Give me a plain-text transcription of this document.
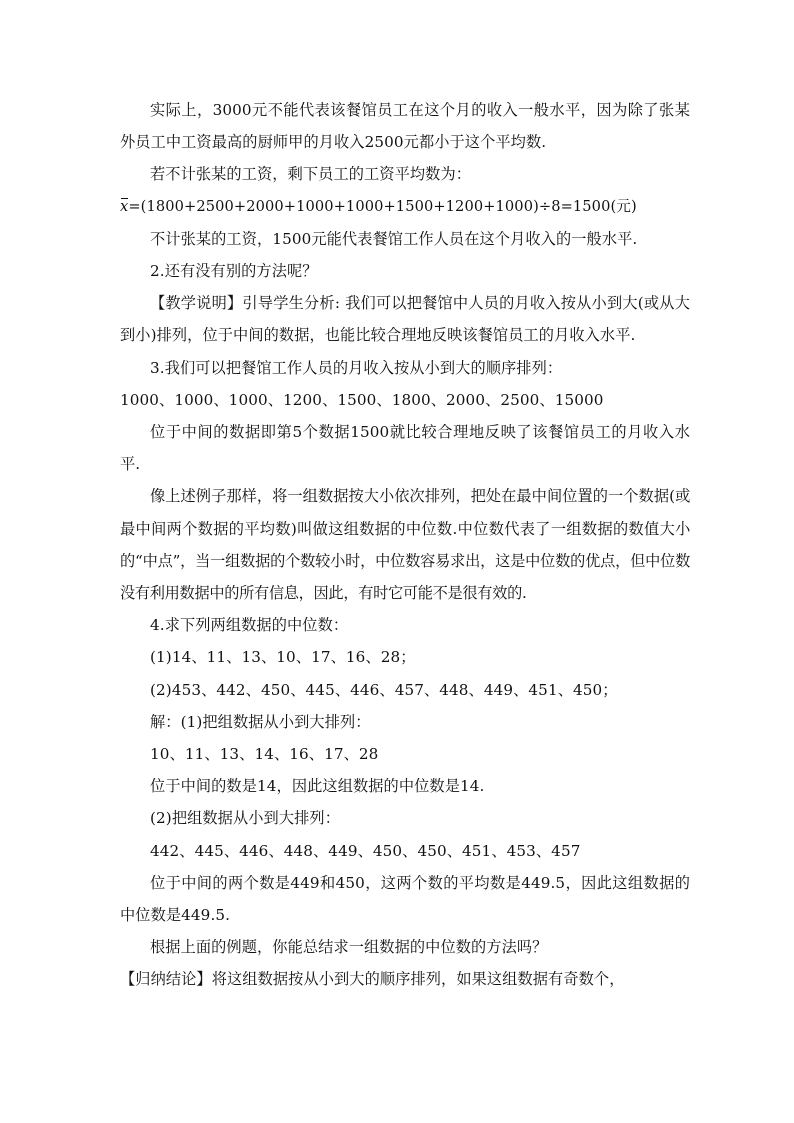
实际上，3000元不能代表该餐馆员工在这个月的收入一般水平，因为除了张某外员工中工资最高的厨师甲的月收入2500元都小于这个平均数.

若不计张某的工资，剩下员工的工资平均数为：

x=(1800+2500+2000+1000+1000+1500+1200+1000)÷8=1500(元)

不计张某的工资，1500元能代表餐馆工作人员在这个月收入的一般水平.

2.还有没有别的方法呢？

【教学说明】引导学生分析: 我们可以把餐馆中人员的月收入按从小到大(或从大到小)排列，位于中间的数据，也能比较合理地反映该餐馆员工的月收入水平.

3.我们可以把餐馆工作人员的月收入按从小到大的顺序排列：

1000、1000、1000、1200、1500、1800、2000、2500、15000

位于中间的数据即第5个数据1500就比较合理地反映了该餐馆员工的月收入水平.

像上述例子那样，将一组数据按大小依次排列，把处在最中间位置的一个数据(或最中间两个数据的平均数)叫做这组数据的中位数.中位数代表了一组数据的数值大小的“中点”，当一组数据的个数较小时，中位数容易求出，这是中位数的优点，但中位数没有利用数据中的所有信息，因此，有时它可能不是很有效的.

4.求下列两组数据的中位数：

(1)14、11、13、10、17、16、28；

(2)453、442、450、445、446、457、448、449、451、450；

解：(1)把组数据从小到大排列：

10、11、13、14、16、17、28

位于中间的数是14，因此这组数据的中位数是14.

(2)把组数据从小到大排列：

442、445、446、448、449、450、450、451、453、457

位于中间的两个数是449和450，这两个数的平均数是449.5，因此这组数据的中位数是449.5.

根据上面的例题，你能总结求一组数据的中位数的方法吗？

【归纳结论】将这组数据按从小到大的顺序排列，如果这组数据有奇数个，
